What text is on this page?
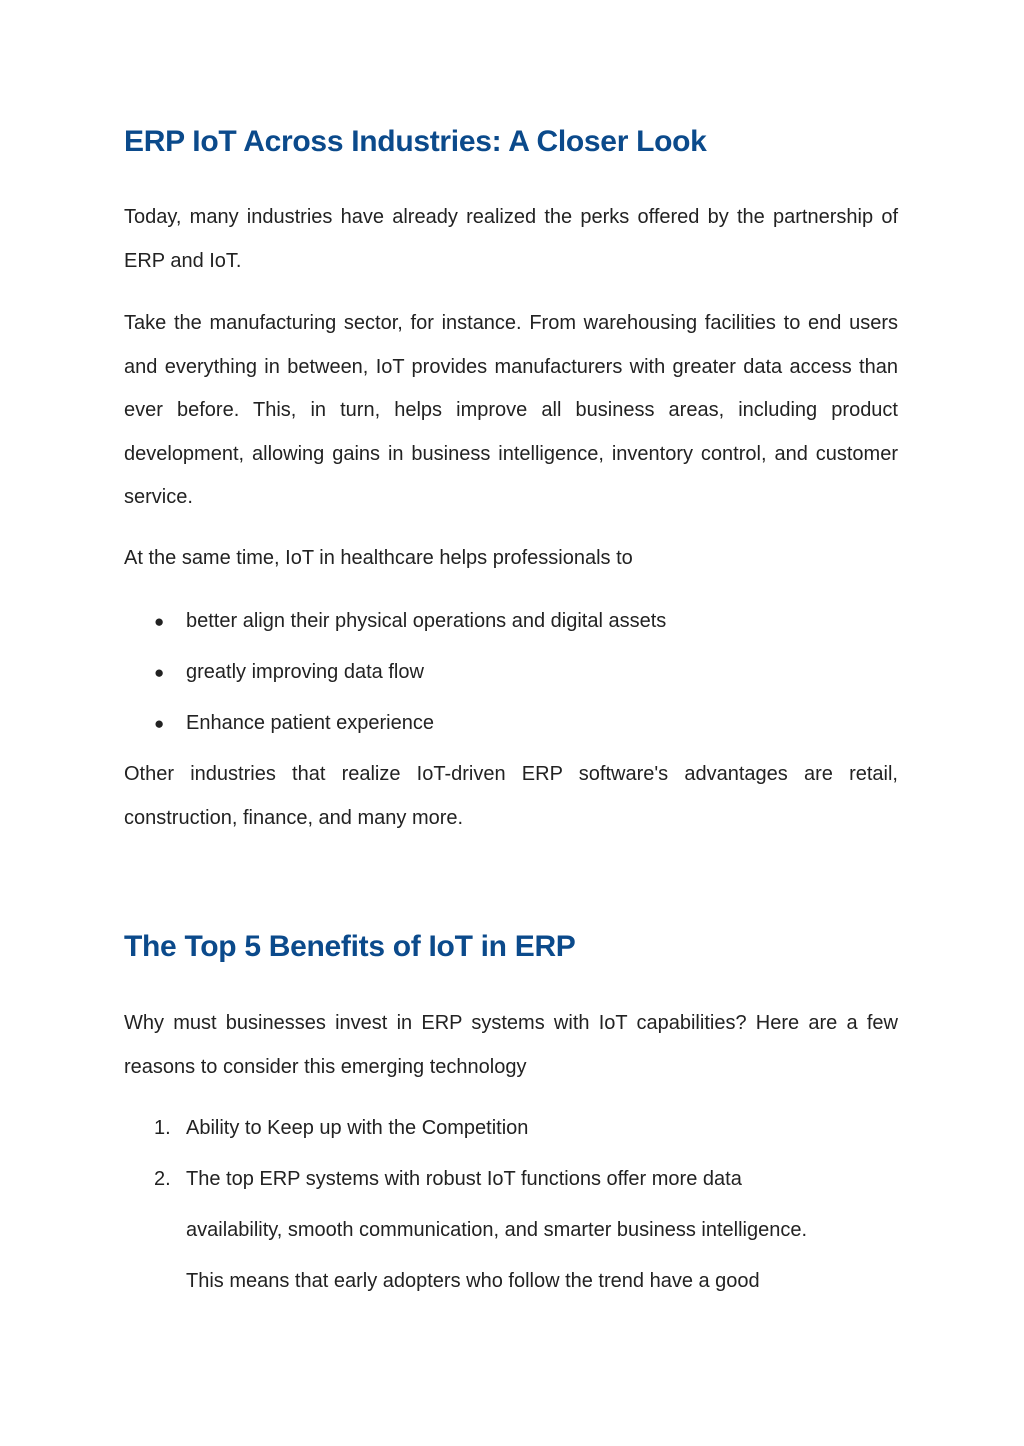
ERP IoT Across Industries: A Closer Look

Today, many industries have already realized the perks offered by the partnership of ERP and IoT.

Take the manufacturing sector, for instance. From warehousing facilities to end users and everything in between, IoT provides manufacturers with greater data access than ever before. This, in turn, helps improve all business areas, including product development, allowing gains in business intelligence, inventory control, and customer service.

At the same time, IoT in healthcare helps professionals to

● better align their physical operations and digital assets
● greatly improving data flow
● Enhance patient experience

Other industries that realize IoT-driven ERP software's advantages are retail, construction, finance, and many more.

The Top 5 Benefits of IoT in ERP

Why must businesses invest in ERP systems with IoT capabilities? Here are a few reasons to consider this emerging technology

1. Ability to Keep up with the Competition
2. The top ERP systems with robust IoT functions offer more data
availability, smooth communication, and smarter business intelligence.
This means that early adopters who follow the trend have a good
